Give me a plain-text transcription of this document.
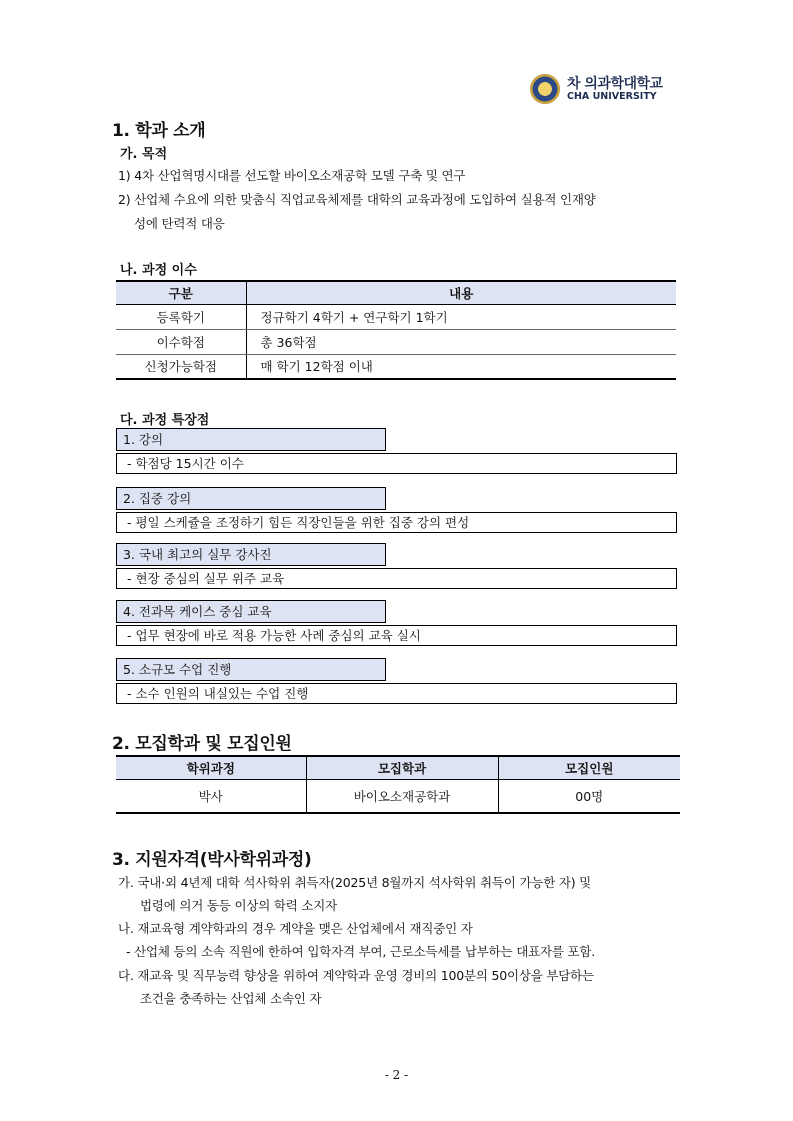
차 의과학대학교
CHA UNIVERSITY
1. 학과 소개
가. 목적
1) 4차 산업혁명시대를 선도할 바이오소재공학 모델 구축 및 연구
2) 산업체 수요에 의한 맞춤식 직업교육체제를 대학의 교육과정에 도입하여 실용적 인재양
성에 탄력적 대응
나. 과정 이수
구분	내용
등록학기	정규학기 4학기 + 연구학기 1학기
이수학점	총 36학점
신청가능학점	매 학기 12학점 이내
다. 과정 특장점
1. 강의
- 학점당 15시간 이수
2. 집중 강의
- 평일 스케쥴을 조정하기 힘든 직장인들을 위한 집중 강의 편성
3. 국내 최고의 실무 강사진
- 현장 중심의 실무 위주 교육
4. 전과목 케이스 중심 교육
- 업무 현장에 바로 적용 가능한 사례 중심의 교육 실시
5. 소규모 수업 진행
- 소수 인원의 내실있는 수업 진행
2. 모집학과 및 모집인원
학위과정	모집학과	모집인원
박사	바이오소재공학과	00명
3. 지원자격(박사학위과정)
가. 국내·외 4년제 대학 석사학위 취득자(2025년 8월까지 석사학위 취득이 가능한 자) 및
법령에 의거 동등 이상의 학력 소지자
나. 재교육형 계약학과의 경우 계약을 맺은 산업체에서 재직중인 자
- 산업체 등의 소속 직원에 한하여 입학자격 부여, 근로소득세를 납부하는 대표자를 포함.
다. 재교육 및 직무능력 향상을 위하여 계약학과 운영 경비의 100분의 50이상을 부담하는
조건을 충족하는 산업체 소속인 자
- 2 -
